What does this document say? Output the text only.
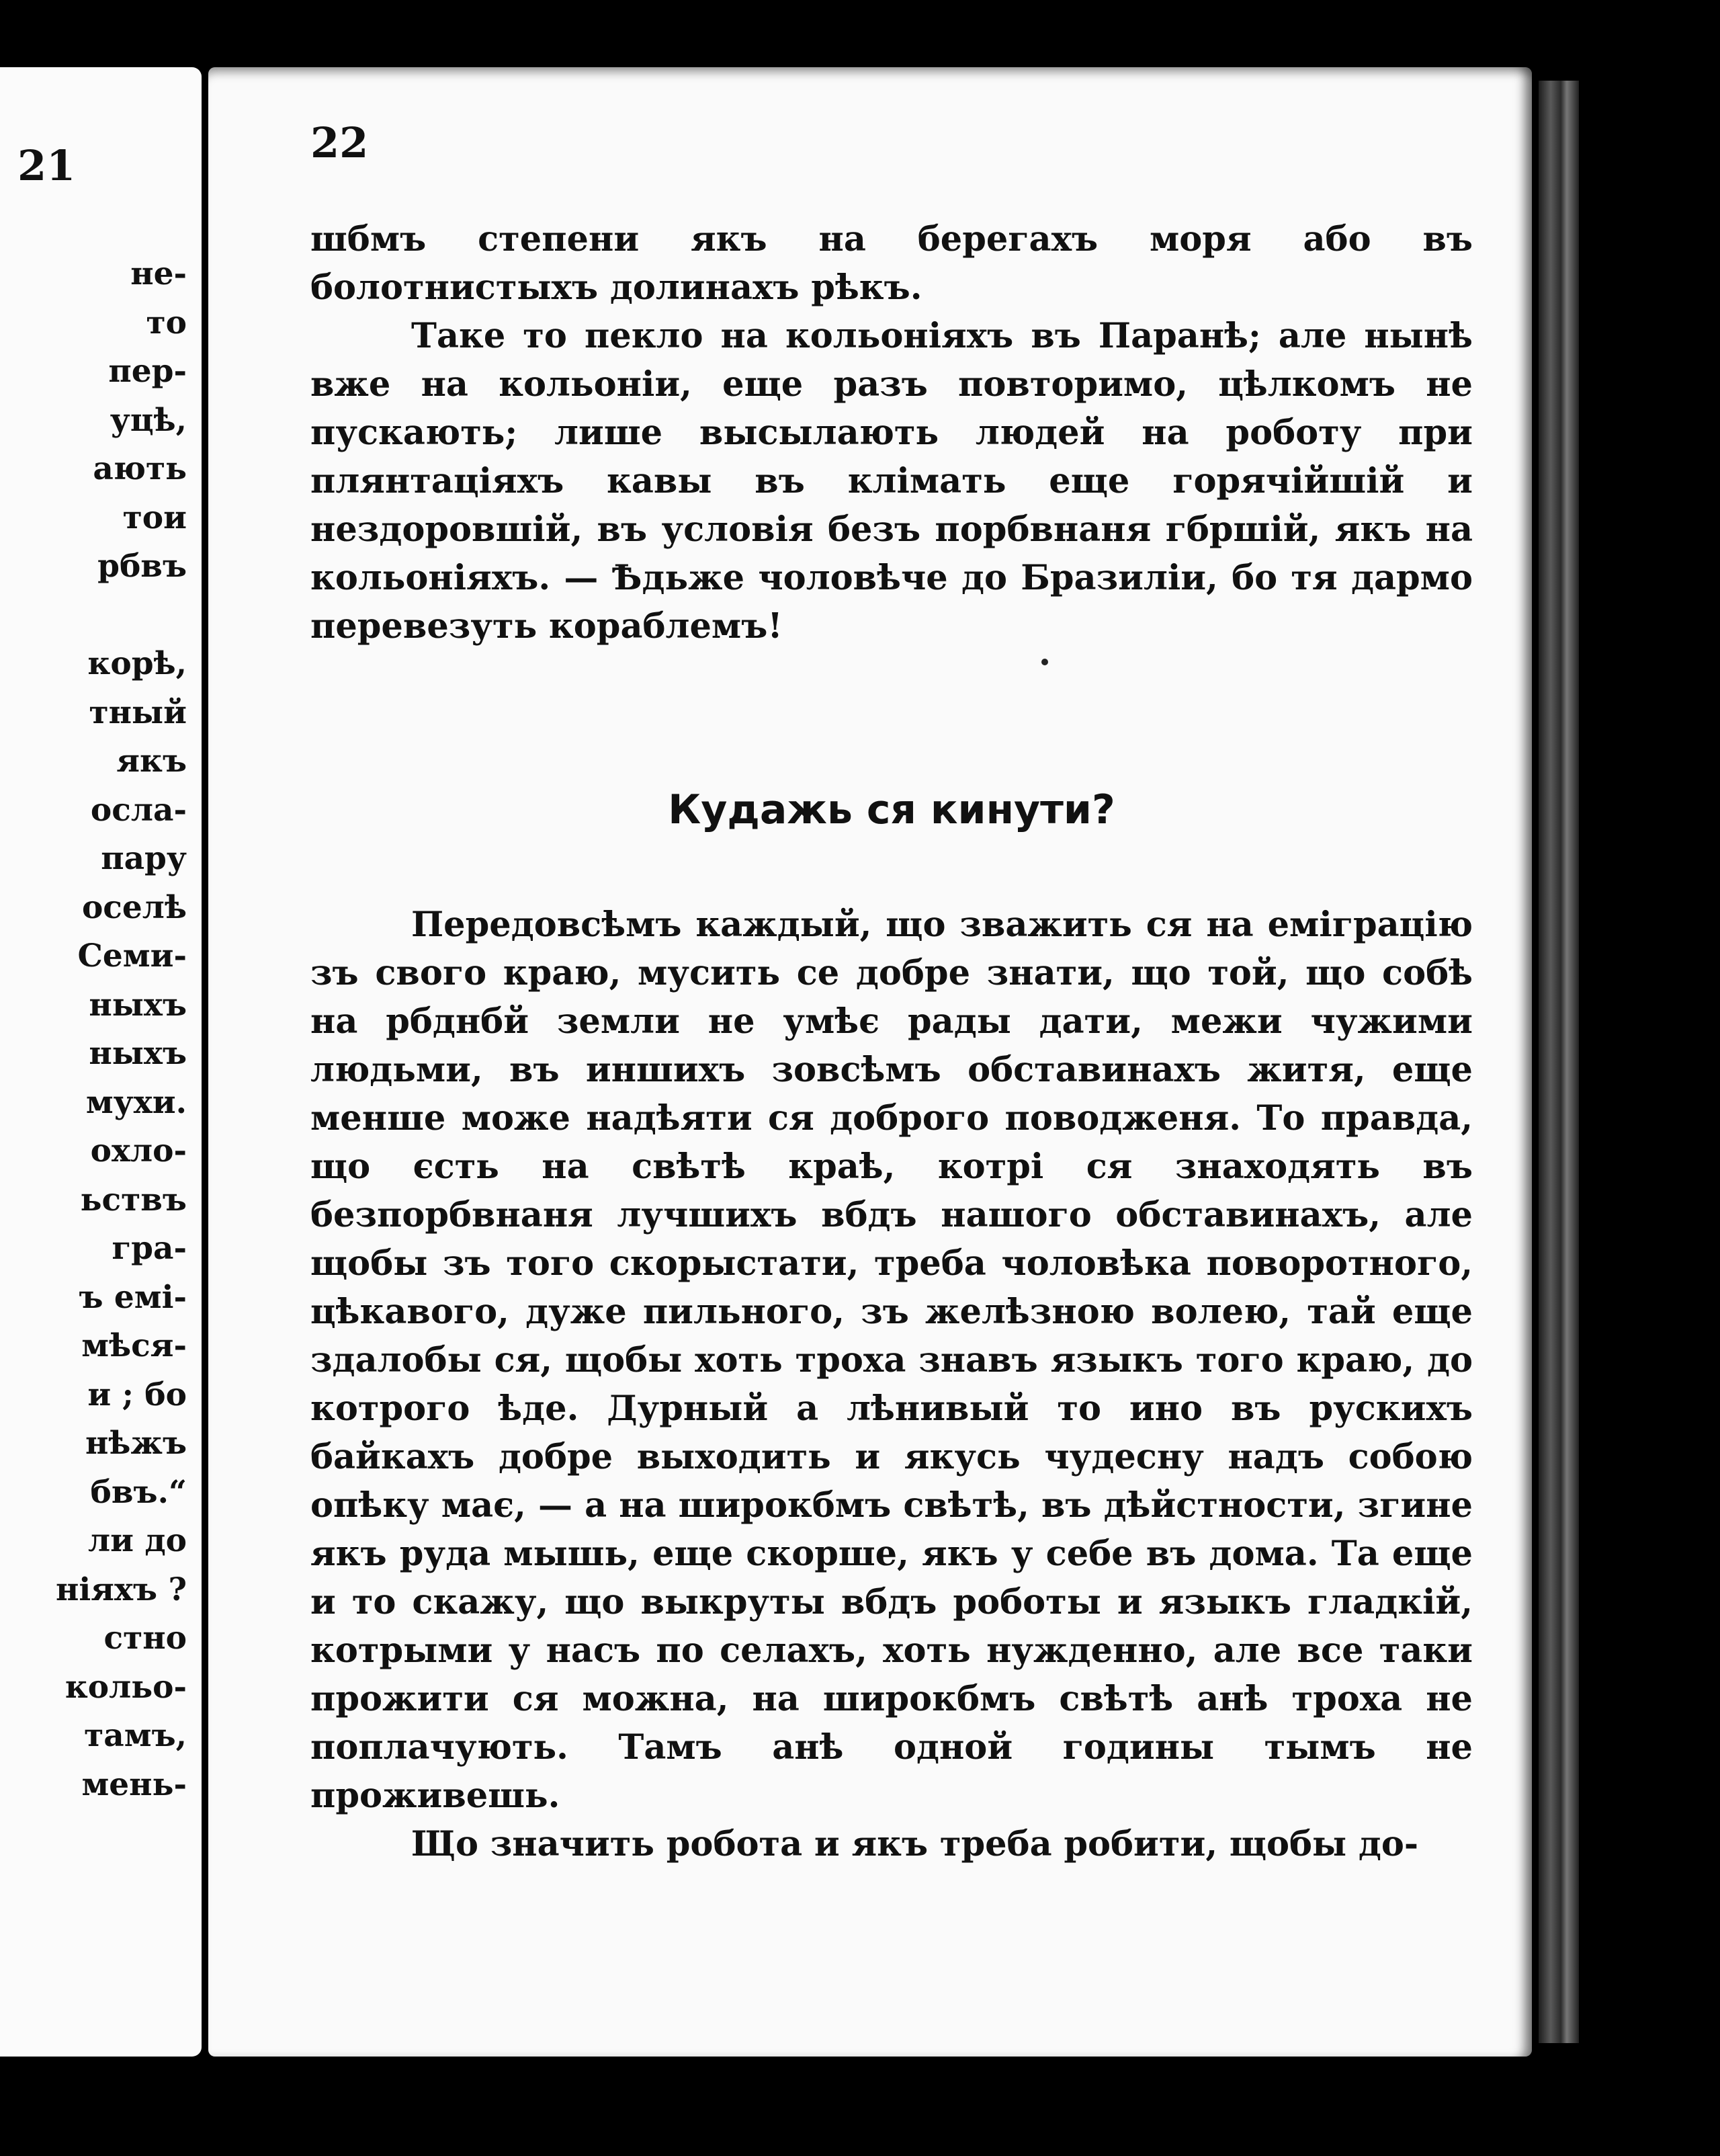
21
не-
то
пер-
уцѣ,
ають
тои
рбвъ
корѣ,
тный
якъ
осла-
пару
оселѣ
Семи-
ныхъ
ныхъ
мухи.
охло-
ьствъ
гра-
ъ емі-
мѣся-
и ; бо
нѣжъ
бвъ.“
ли до
ніяхъ ?
стно
кольо-
тамъ,
мень-
22

шбмъ степени якъ на берегахъ моря або въ болотнистыхъ долинахъ рѣкъ.

Таке то пекло на кольоніяхъ въ Паранѣ; але нынѣ вже на кольоніи, еще разъ повторимо, цѣлкомъ не пускають; лише высылають людей на роботу при плянтаціяхъ кавы въ клімать еще горячійшій и нездоровшій, въ условія безъ порбвнаня гбршій, якъ на кольоніяхъ. — Ѣдьже чоловѣче до Бразиліи, бо тя дармо перевезуть кораблемъ!

Кудажь ся кинути?

Передовсѣмъ каждый, що зважить ся на еміграцію зъ свого краю, мусить се добре знати, що той, що собѣ на рбднбй земли не умѣє рады дати, межи чужими людьми, въ иншихъ зовсѣмъ обставинахъ житя, еще менше може надѣяти ся доброго поводженя. То правда, що єсть на свѣтѣ краѣ, котрі ся знаходять въ безпорбвнаня лучшихъ вбдъ нашого обставинахъ, але щобы зъ того скорыстати, треба чоловѣка поворотного, цѣкавого, дуже пильного, зъ желѣзною волею, тай еще здалобы ся, щобы хоть троха знавъ языкъ того краю, до котрого ѣде. Дурный а лѣнивый то ино въ рускихъ байкахъ добре выходить и якусь чудесну надъ собою опѣку має, — а на широкбмъ свѣтѣ, въ дѣйстности, згине якъ руда мышь, еще скорше, якъ у себе въ дома. Та еще и то скажу, що выкруты вбдъ роботы и языкъ гладкій, котрыми у насъ по селахъ, хоть нужденно, але все таки прожити ся можна, на широкбмъ свѣтѣ анѣ троха не поплачують. Тамъ анѣ одной годины тымъ не проживешь.

Що значить робота и якъ треба робити, щобы до-
